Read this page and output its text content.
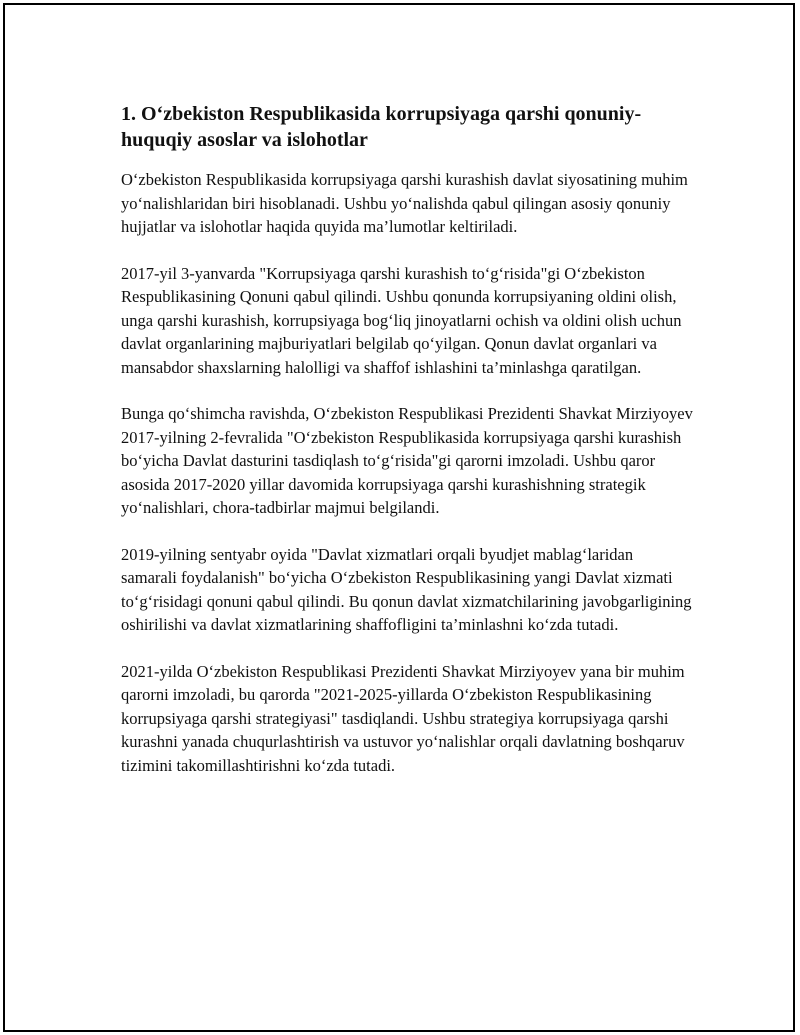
1. O‘zbekiston Respublikasida korrupsiyaga qarshi qonuniy-huquqiy asoslar va islohotlar

O‘zbekiston Respublikasida korrupsiyaga qarshi kurashish davlat siyosatining muhim yo‘nalishlaridan biri hisoblanadi. Ushbu yo‘nalishda qabul qilingan asosiy qonuniy hujjatlar va islohotlar haqida quyida ma’lumotlar keltiriladi.

2017-yil 3-yanvarda "Korrupsiyaga qarshi kurashish to‘g‘risida"gi O‘zbekiston Respublikasining Qonuni qabul qilindi. Ushbu qonunda korrupsiyaning oldini olish, unga qarshi kurashish, korrupsiyaga bog‘liq jinoyatlarni ochish va oldini olish uchun davlat organlarining majburiyatlari belgilab qo‘yilgan. Qonun davlat organlari va mansabdor shaxslarning halolligi va shaffof ishlashini ta’minlashga qaratilgan.

Bunga qo‘shimcha ravishda, O‘zbekiston Respublikasi Prezidenti Shavkat Mirziyoyev 2017-yilning 2-fevralida "O‘zbekiston Respublikasida korrupsiyaga qarshi kurashish bo‘yicha Davlat dasturini tasdiqlash to‘g‘risida"gi qarorni imzoladi. Ushbu qaror asosida 2017-2020 yillar davomida korrupsiyaga qarshi kurashishning strategik yo‘nalishlari, chora-tadbirlar majmui belgilandi.

2019-yilning sentyabr oyida "Davlat xizmatlari orqali byudjet mablag‘laridan samarali foydalanish" bo‘yicha O‘zbekiston Respublikasining yangi Davlat xizmati to‘g‘risidagi qonuni qabul qilindi. Bu qonun davlat xizmatchilarining javobgarligining oshirilishi va davlat xizmatlarining shaffofligini ta’minlashni ko‘zda tutadi.

2021-yilda O‘zbekiston Respublikasi Prezidenti Shavkat Mirziyoyev yana bir muhim qarorni imzoladi, bu qarorda "2021-2025-yillarda O‘zbekiston Respublikasining korrupsiyaga qarshi strategiyasi" tasdiqlandi. Ushbu strategiya korrupsiyaga qarshi kurashni yanada chuqurlashtirish va ustuvor yo‘nalishlar orqali davlatning boshqaruv tizimini takomillashtirishni ko‘zda tutadi.
